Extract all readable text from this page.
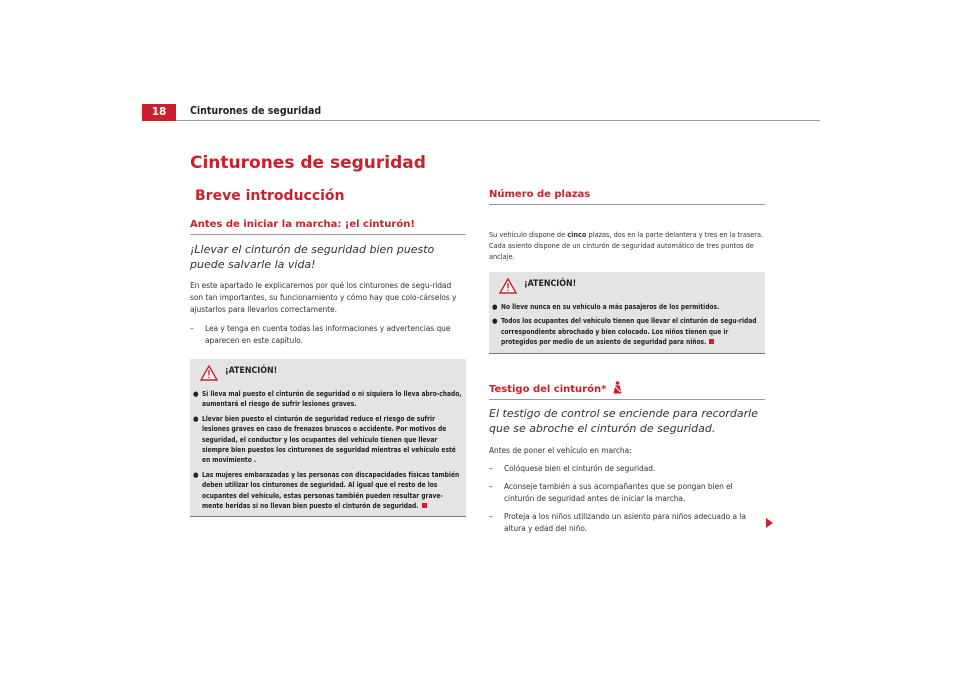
18	Cinturones de seguridad
Cinturones de seguridad
Breve introducción
Antes de iniciar la marcha: ¡el cinturón!
¡Llevar el cinturón de seguridad bien puesto puede salvarle la vida!
En este apartado le explicaremos por qué los cinturones de segu-ridad son tan importantes, su funcionamiento y cómo hay que colo-cárselos y ajustarlos para llevarlos correctamente.
– Lea y tenga en cuenta todas las informaciones y advertencias que aparecen en este capítulo.
¡ATENCIÓN!
● Si lleva mal puesto el cinturón de seguridad o ni siquiera lo lleva abro-chado, aumentará el riesgo de sufrir lesiones graves.
● Llevar bien puesto el cinturón de seguridad reduce el riesgo de sufrir lesiones graves en caso de frenazos bruscos o accidente. Por motivos de seguridad, el conductor y los ocupantes del vehículo tienen que llevar siempre bien puestos los cinturones de seguridad mientras el vehículo esté en movimiento .
● Las mujeres embarazadas y las personas con discapacidades físicas también deben utilizar los cinturones de seguridad. Al igual que el resto de los ocupantes del vehículo, estas personas también pueden resultar grave-mente heridas si no llevan bien puesto el cinturón de seguridad.
Número de plazas
Su vehículo dispone de cinco plazas, dos en la parte delantera y tres en la trasera. Cada asiento dispone de un cinturón de seguridad automático de tres puntos de anclaje.
¡ATENCIÓN!
● No lleve nunca en su vehículo a más pasajeros de los permitidos.
● Todos los ocupantes del vehículo tienen que llevar el cinturón de segu-ridad correspondiente abrochado y bien colocado. Los niños tienen que ir protegidos por medio de un asiento de seguridad para niños.
Testigo del cinturón*
El testigo de control se enciende para recordarle que se abroche el cinturón de seguridad.
Antes de poner el vehículo en marcha:
– Colóquese bien el cinturón de seguridad.
– Aconseje también a sus acompañantes que se pongan bien el cinturón de seguridad antes de iniciar la marcha.
– Proteja a los niños utilizando un asiento para niños adecuado a la altura y edad del niño.
